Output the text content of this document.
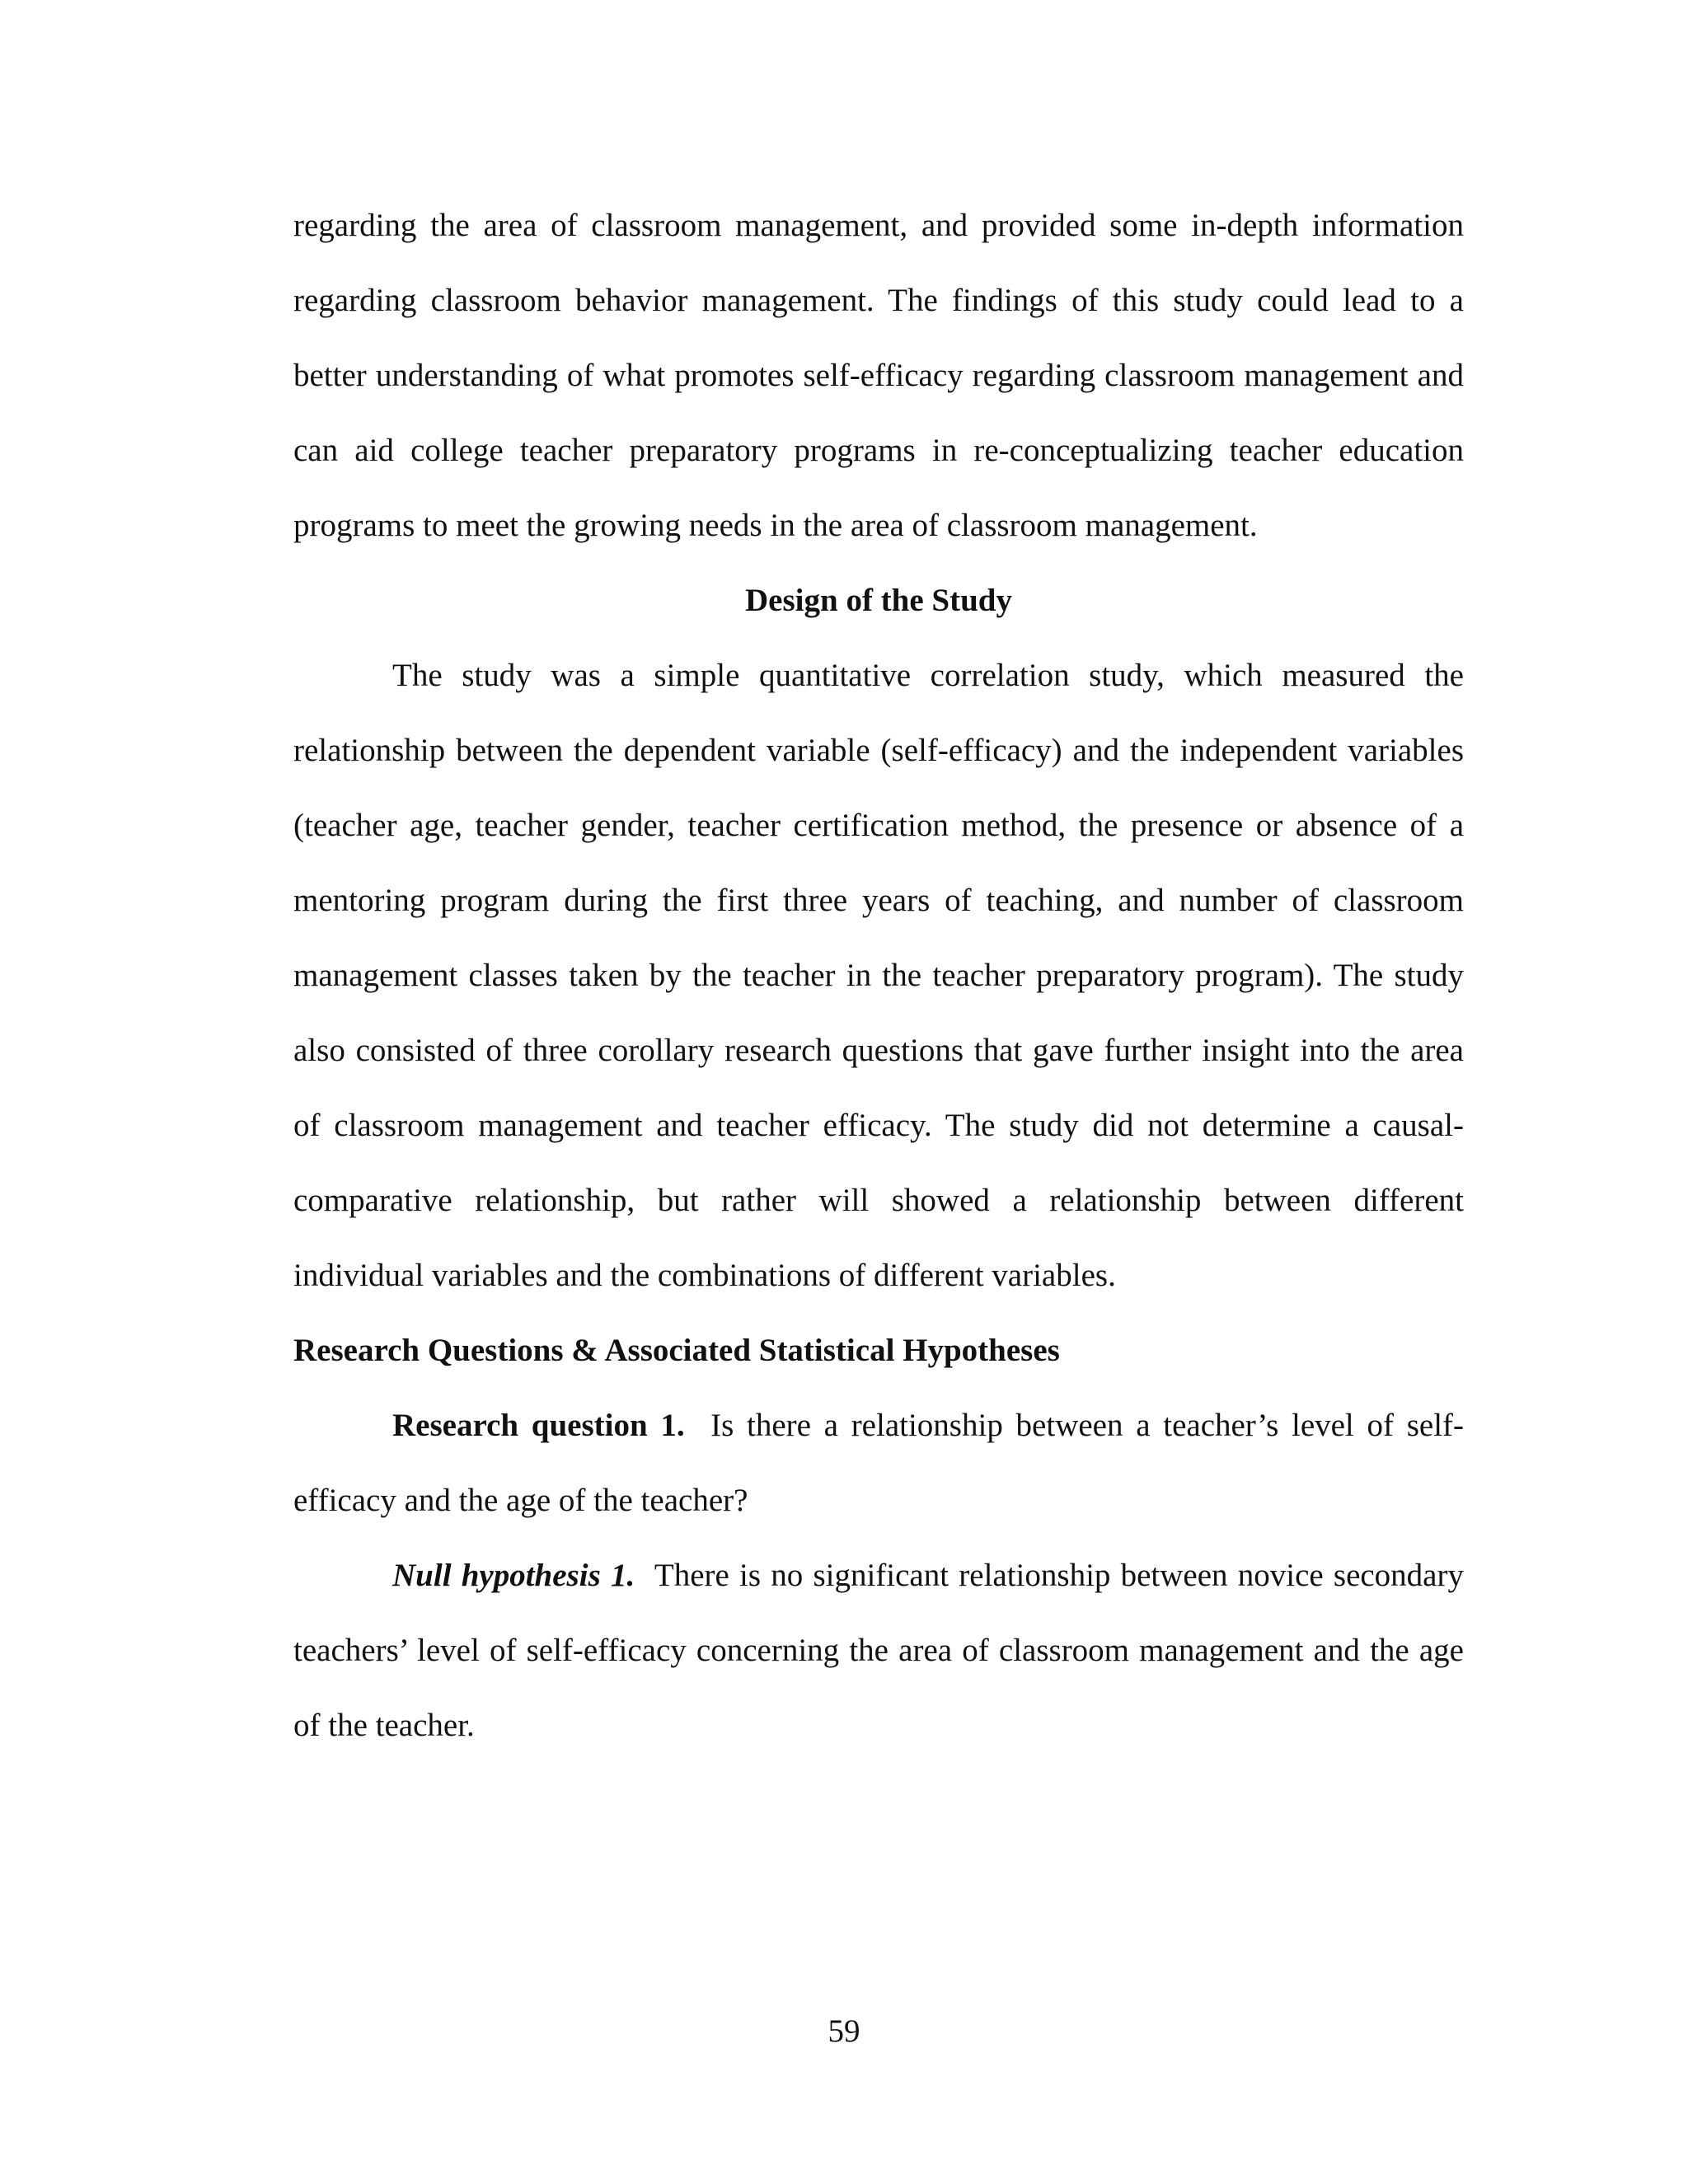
regarding the area of classroom management, and provided some in-depth information regarding classroom behavior management. The findings of this study could lead to a better understanding of what promotes self-efficacy regarding classroom management and can aid college teacher preparatory programs in re-conceptualizing teacher education programs to meet the growing needs in the area of classroom management.

Design of the Study

The study was a simple quantitative correlation study, which measured the relationship between the dependent variable (self-efficacy) and the independent variables (teacher age, teacher gender, teacher certification method, the presence or absence of a mentoring program during the first three years of teaching, and number of classroom management classes taken by the teacher in the teacher preparatory program). The study also consisted of three corollary research questions that gave further insight into the area of classroom management and teacher efficacy. The study did not determine a causal-comparative relationship, but rather will showed a relationship between different individual variables and the combinations of different variables.

Research Questions & Associated Statistical Hypotheses

Research question 1. Is there a relationship between a teacher’s level of self-efficacy and the age of the teacher?

Null hypothesis 1. There is no significant relationship between novice secondary teachers’ level of self-efficacy concerning the area of classroom management and the age of the teacher.

59
